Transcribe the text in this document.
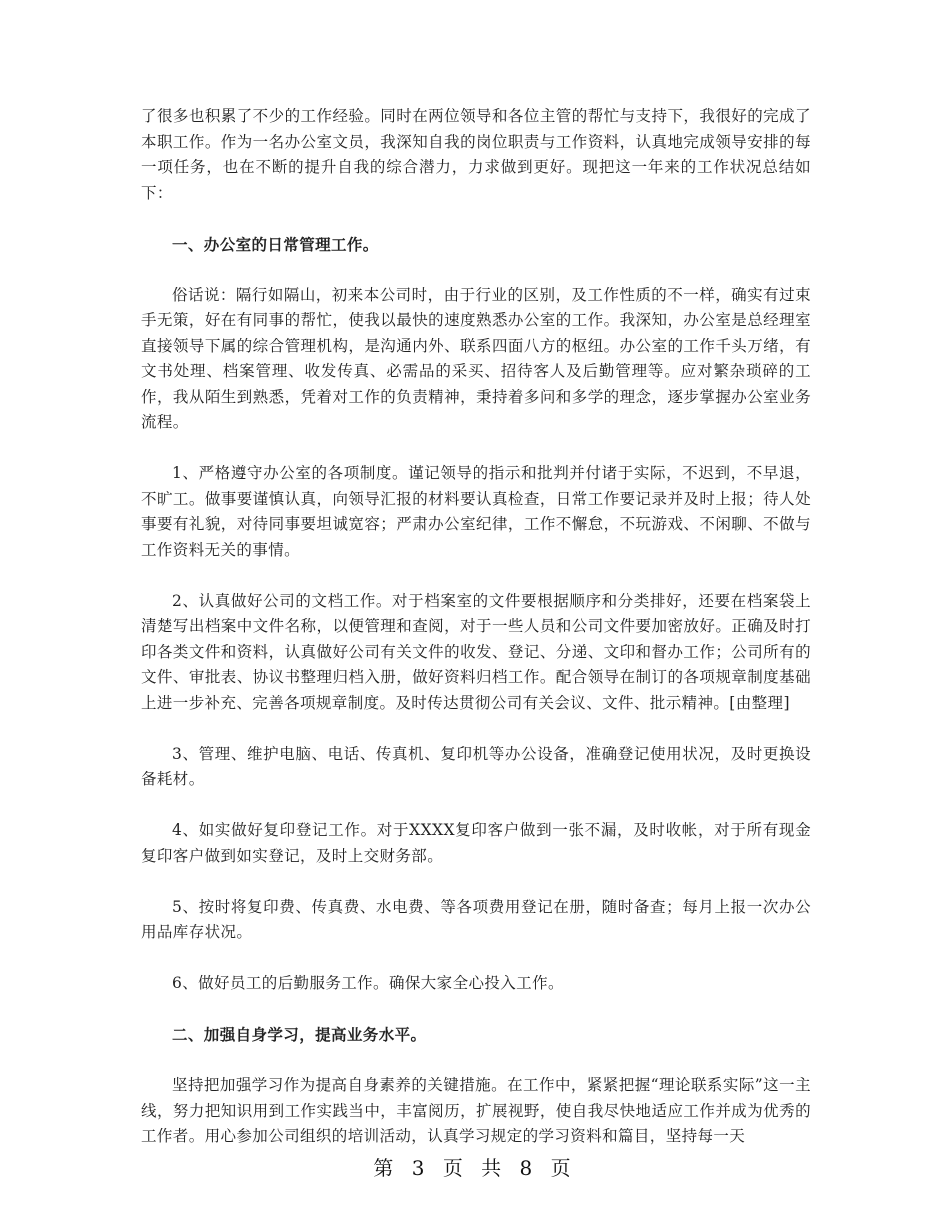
了很多也积累了不少的工作经验。同时在两位领导和各位主管的帮忙与支持下，我很好的完成了本职工作。作为一名办公室文员，我深知自我的岗位职责与工作资料，认真地完成领导安排的每一项任务，也在不断的提升自我的综合潜力，力求做到更好。现把这一年来的工作状况总结如下：

一、办公室的日常管理工作。

俗话说：隔行如隔山，初来本公司时，由于行业的区别，及工作性质的不一样，确实有过束手无策，好在有同事的帮忙，使我以最快的速度熟悉办公室的工作。我深知，办公室是总经理室直接领导下属的综合管理机构，是沟通内外、联系四面八方的枢纽。办公室的工作千头万绪，有文书处理、档案管理、收发传真、必需品的采买、招待客人及后勤管理等。应对繁杂琐碎的工作，我从陌生到熟悉，凭着对工作的负责精神，秉持着多问和多学的理念，逐步掌握办公室业务流程。

1、严格遵守办公室的各项制度。谨记领导的指示和批判并付诸于实际，不迟到，不早退，不旷工。做事要谨慎认真，向领导汇报的材料要认真检查，日常工作要记录并及时上报；待人处事要有礼貌，对待同事要坦诚宽容；严肃办公室纪律，工作不懈怠，不玩游戏、不闲聊、不做与工作资料无关的事情。

2、认真做好公司的文档工作。对于档案室的文件要根据顺序和分类排好，还要在档案袋上清楚写出档案中文件名称，以便管理和查阅，对于一些人员和公司文件要加密放好。正确及时打印各类文件和资料，认真做好公司有关文件的收发、登记、分递、文印和督办工作；公司所有的文件、审批表、协议书整理归档入册，做好资料归档工作。配合领导在制订的各项规章制度基础上进一步补充、完善各项规章制度。及时传达贯彻公司有关会议、文件、批示精神。[由整理]

3、管理、维护电脑、电话、传真机、复印机等办公设备，准确登记使用状况，及时更换设备耗材。

4、如实做好复印登记工作。对于XXXX复印客户做到一张不漏，及时收帐，对于所有现金复印客户做到如实登记，及时上交财务部。

5、按时将复印费、传真费、水电费、等各项费用登记在册，随时备查；每月上报一次办公用品库存状况。

6、做好员工的后勤服务工作。确保大家全心投入工作。

二、加强自身学习，提高业务水平。

坚持把加强学习作为提高自身素养的关键措施。在工作中，紧紧把握“理论联系实际”这一主线，努力把知识用到工作实践当中，丰富阅历，扩展视野，使自我尽快地适应工作并成为优秀的工作者。用心参加公司组织的培训活动，认真学习规定的学习资料和篇目，坚持每一天

第 3 页 共 8 页
